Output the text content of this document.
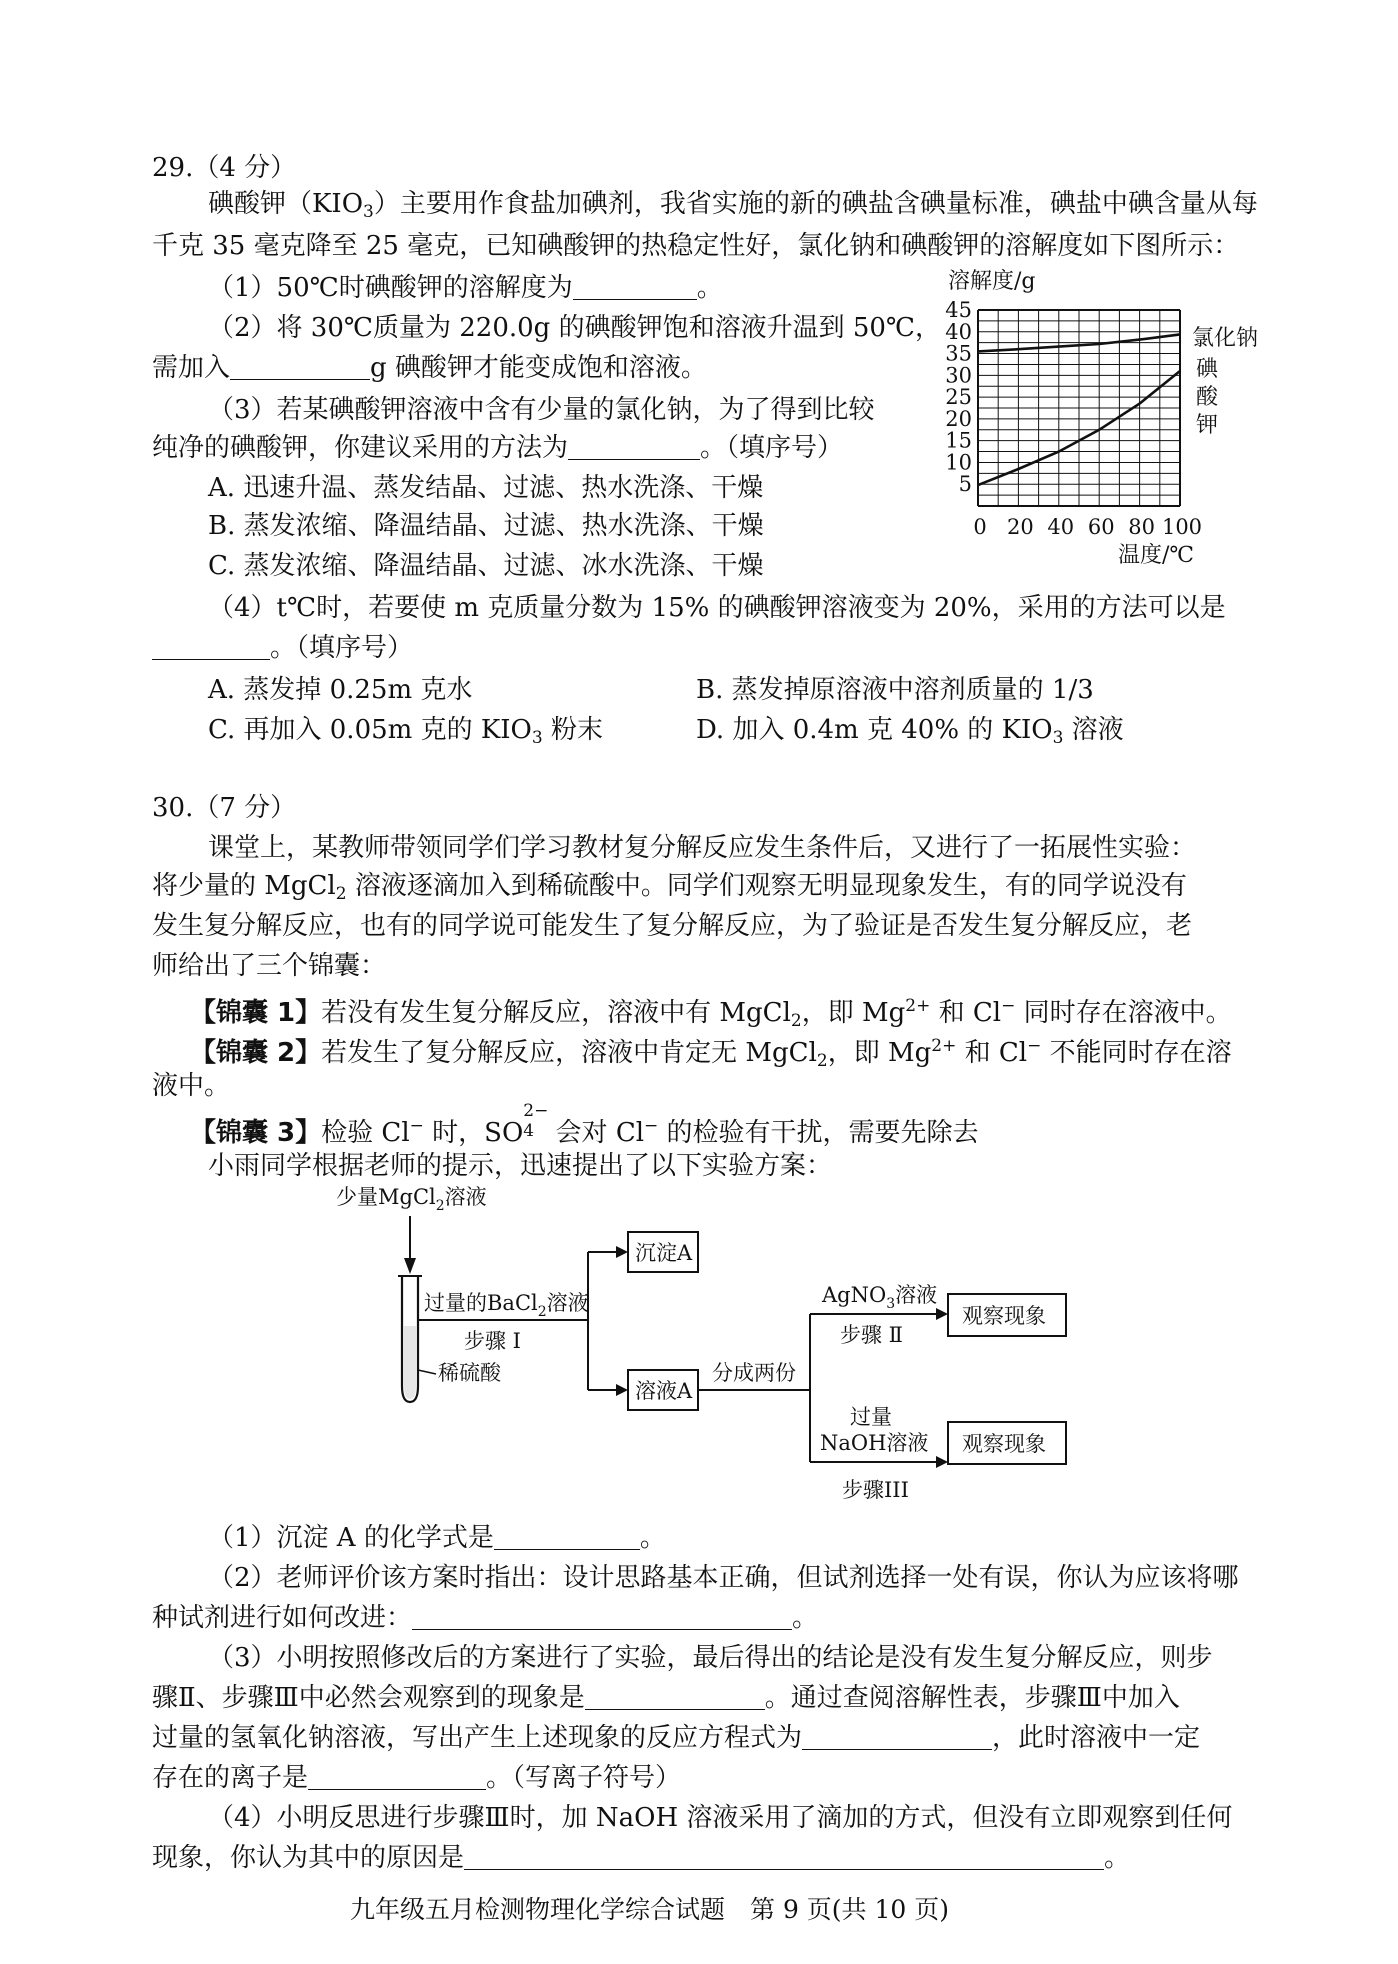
29.（4 分）
碘酸钾$(KIO_3)$主要用作食盐加碘剂，我省实施的新的碘盐含碘量标准，碘盐中碘含量从每
千克 35 毫克降至 25 毫克，已知碘酸钾的热稳定性好，氯化钠和碘酸钾的溶解度如下图所示：
（1）50℃时碘酸钾的溶解度为	。
（2）将 30℃质量为 220.0g 的碘酸钾饱和溶液升温到 50℃，
需加入	g 碘酸钾才能变成饱和溶液。
（3）若某碘酸钾溶液中含有少量的氯化钠，为了得到比较
纯净的碘酸钾，你建议采用的方法为	。（填序号）
A. 迅速升温、蒸发结晶、过滤、热水洗涤、干燥
B. 蒸发浓缩、降温结晶、过滤、热水洗涤、干燥
C. 蒸发浓缩、降温结晶、过滤、冰水洗涤、干燥
（4）t℃时，若要使 m 克质量分数为 15% 的碘酸钾溶液变为 20%，采用的方法可以是
。（填序号）
A. 蒸发掉 0.25m 克水	B. 蒸发掉原溶液中溶剂质量的 1/3
C. 再加入 0.05m 克的 $KIO_3$ 粉末	D. 加入 0.4m 克 40% 的 $KIO_3$ 溶液
溶解度/g
5
10
15
20
25
30
35
40
45
0 20 40 60 80 100
氯化钠
碘
酸
钾
温度/℃
30.（7 分）
课堂上，某教师带领同学们学习教材复分解反应发生条件后，又进行了一拓展性实验：
将少量的 MgCl$_2$ 溶液逐滴加入到稀硫酸中。同学们观察无明显现象发生，有的同学说没有
发生复分解反应，也有的同学说可能发生了复分解反应，为了验证是否发生复分解反应，老
师给出了三个锦囊：
【锦囊 1】若没有发生复分解反应，溶液中有 MgCl$_2$，即 $Mg^{2+}$ 和 Cl− 同时存在溶液中。
【锦囊 2】若发生了复分解反应，溶液中肯定无 MgCl$_2$，即 $Mg^{2+}$ 和 Cl− 不能同时存在溶
液中。
【锦囊 3】检验 Cl− 时，SO
2−
4 会对 Cl− 的检验有干扰，需要先除去
小雨同学根据老师的提示，迅速提出了以下实验方案：
少量MgCl$_2$溶液
稀硫酸
过量的BaCl$_2$溶液
步骤 I
沉淀A
溶液A
分成两份
AgNO$_3$溶液
步骤 Ⅱ
过量
NaOH溶液
观察现象
观察现象
步骤III
（1）沉淀 A 的化学式是	。
（2）老师评价该方案时指出：设计思路基本正确，但试剂选择一处有误，你认为应该将哪
种试剂进行如何改进：	。
（3）小明按照修改后的方案进行了实验，最后得出的结论是没有发生复分解反应，则步
骤Ⅱ、步骤Ⅲ中必然会观察到的现象是	。通过查阅溶解性表，步骤Ⅲ中加入
过量的氢氧化钠溶液，写出产生上述现象的反应方程式为	，此时溶液中一定
存在的离子是	。（写离子符号）
（4）小明反思进行步骤Ⅲ时，加 NaOH 溶液采用了滴加的方式，但没有立即观察到任何
现象，你认为其中的原因是	。
九年级五月检测物理化学综合试题　第 9 页(共 10 页)
